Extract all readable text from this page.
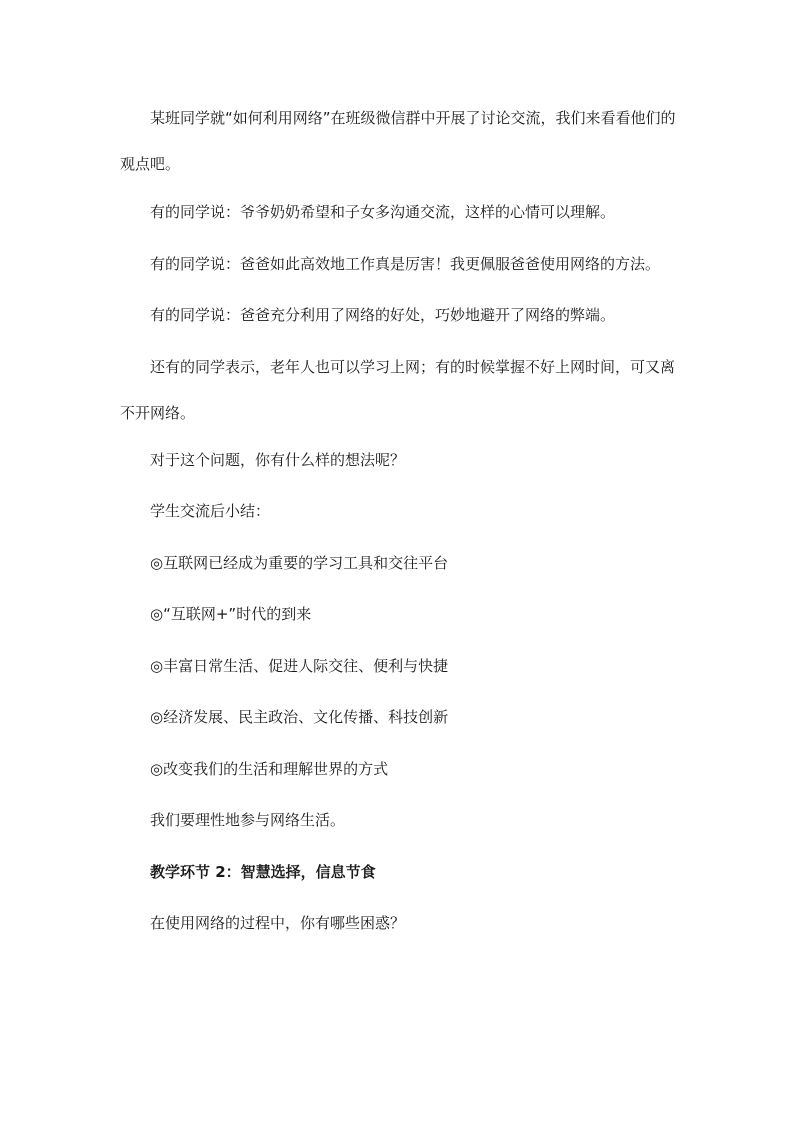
某班同学就“如何利用网络”在班级微信群中开展了讨论交流，我们来看看他们的观点吧。

有的同学说：爷爷奶奶希望和子女多沟通交流，这样的心情可以理解。

有的同学说：爸爸如此高效地工作真是厉害！我更佩服爸爸使用网络的方法。

有的同学说：爸爸充分利用了网络的好处，巧妙地避开了网络的弊端。

还有的同学表示，老年人也可以学习上网；有的时候掌握不好上网时间，可又离不开网络。

对于这个问题，你有什么样的想法呢？

学生交流后小结：

◎互联网已经成为重要的学习工具和交往平台

◎“互联网+”时代的到来

◎丰富日常生活、促进人际交往、便利与快捷

◎经济发展、民主政治、文化传播、科技创新

◎改变我们的生活和理解世界的方式

我们要理性地参与网络生活。

教学环节 2：智慧选择，信息节食

在使用网络的过程中，你有哪些困惑？
